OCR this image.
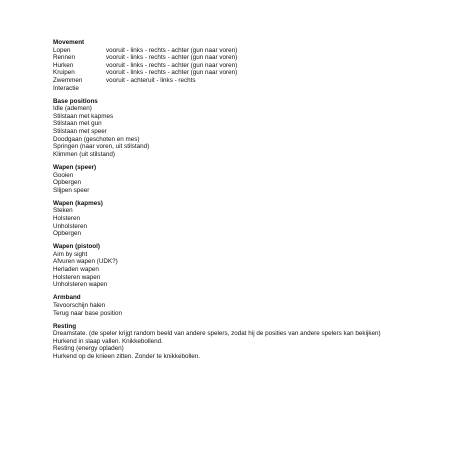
Movement
Lopen	vooruit - links - rechts - achter (gun naar voren)
Rennen	vooruit - links - rechts - achter (gun naar voren)
Hurken	vooruit - links - rechts - achter (gun naar voren)
Kruipen	vooruit - links - rechts - achter (gun naar voren)
Zwemmen	vooruit - achteruit - links - rechts
Interactie
Base positions
Idle (ademen)
Stilstaan met kapmes
Stilstaan met gun
Stilstaan met speer
Doodgaan (geschoten en mes)
Springen (naar voren, uit stilstand)
Klimmen (uit stilstand)
Wapen (speer)
Gooien
Opbergen
Slijpen speer
Wapen (kapmes)
Steken
Holsteren
Unholsteren
Opbergen
Wapen (pistool)
Aim by sight
Afvuren wapen (UDK?)
Herladen wapen
Holsteren wapen
Unholsteren wapen
Armband
Tevoorschijn halen
Terug naar base position
Resting
Dreamstate. (de speler krijgt random beeld van andere spelers, zodat hij de posities van andere spelers kan bekijken)
Hurkend in slaap vallen. Knikkebollend.
Resting (energy opladen)
Hurkend op de knieen zitten. Zonder te knikkebollen.
